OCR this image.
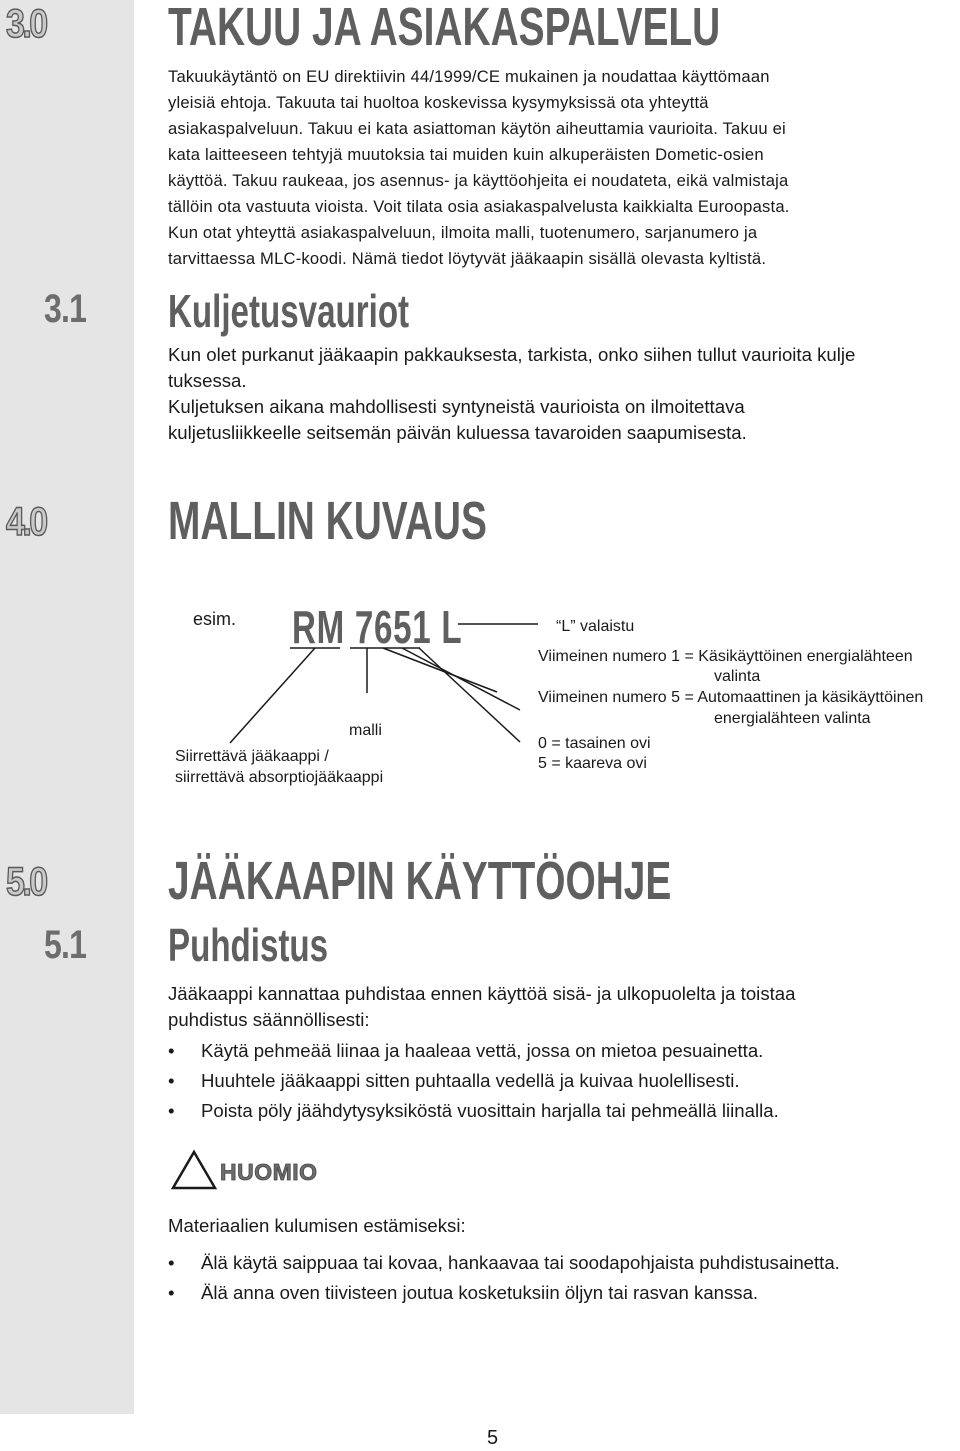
3.0 TAKUU JA ASIAKASPALVELU

Takuukäytäntö on EU direktiivin 44/1999/CE mukainen ja noudattaa käyttömaan

yleisiä ehtoja. Takuuta tai huoltoa koskevissa kysymyksissä ota yhteyttä

asiakaspalveluun. Takuu ei kata asiattoman käytön aiheuttamia vaurioita. Takuu ei

kata laitteeseen tehtyjä muutoksia tai muiden kuin alkuperäisten Dometic-osien

käyttöä. Takuu raukeaa, jos asennus- ja käyttöohjeita ei noudateta, eikä valmistaja

tällöin ota vastuuta vioista. Voit tilata osia asiakaspalvelusta kaikkialta Euroopasta.

Kun otat yhteyttä asiakaspalveluun, ilmoita malli, tuotenumero, sarjanumero ja

tarvittaessa MLC-koodi. Nämä tiedot löytyvät jääkaapin sisällä olevasta kyltistä.

3.1 Kuljetusvauriot

Kun olet purkanut jääkaapin pakkauksesta, tarkista, onko siihen tullut vaurioita kulje

tuksessa.

Kuljetuksen aikana mahdollisesti syntyneistä vaurioista on ilmoitettava

kuljetusliikkeelle seitsemän päivän kuluessa tavaroiden saapumisesta.

4.0 MALLIN KUVAUS
esim. RM 7651 L	“L” valaistu
Viimeinen numero 1 = Käsikäyttöinen energialähteen
valinta
Viimeinen numero 5 = Automaattinen ja käsikäyttöinen
energialähteen valinta
0 = tasainen ovi
5 = kaareva ovi
malli
Siirrettävä jääkaappi /
siirrettävä absorptiojääkaappi
5.0 JÄÄKAAPIN KÄYTTÖOHJE
5.1 Puhdistus

Jääkaappi kannattaa puhdistaa ennen käyttöä sisä- ja ulkopuolelta ja toistaa

puhdistus säännöllisesti:

• Käytä pehmeää liinaa ja haaleaa vettä, jossa on mietoa pesuainetta.
• Huuhtele jääkaappi sitten puhtaalla vedellä ja kuivaa huolellisesti.
• Poista pöly jäähdytysyksiköstä vuosittain harjalla tai pehmeällä liinalla.
HUOMIO

Materiaalien kulumisen estämiseksi:

• Älä käytä saippuaa tai kovaa, hankaavaa tai soodapohjaista puhdistusainetta.
• Älä anna oven tiivisteen joutua kosketuksiin öljyn tai rasvan kanssa.
5
